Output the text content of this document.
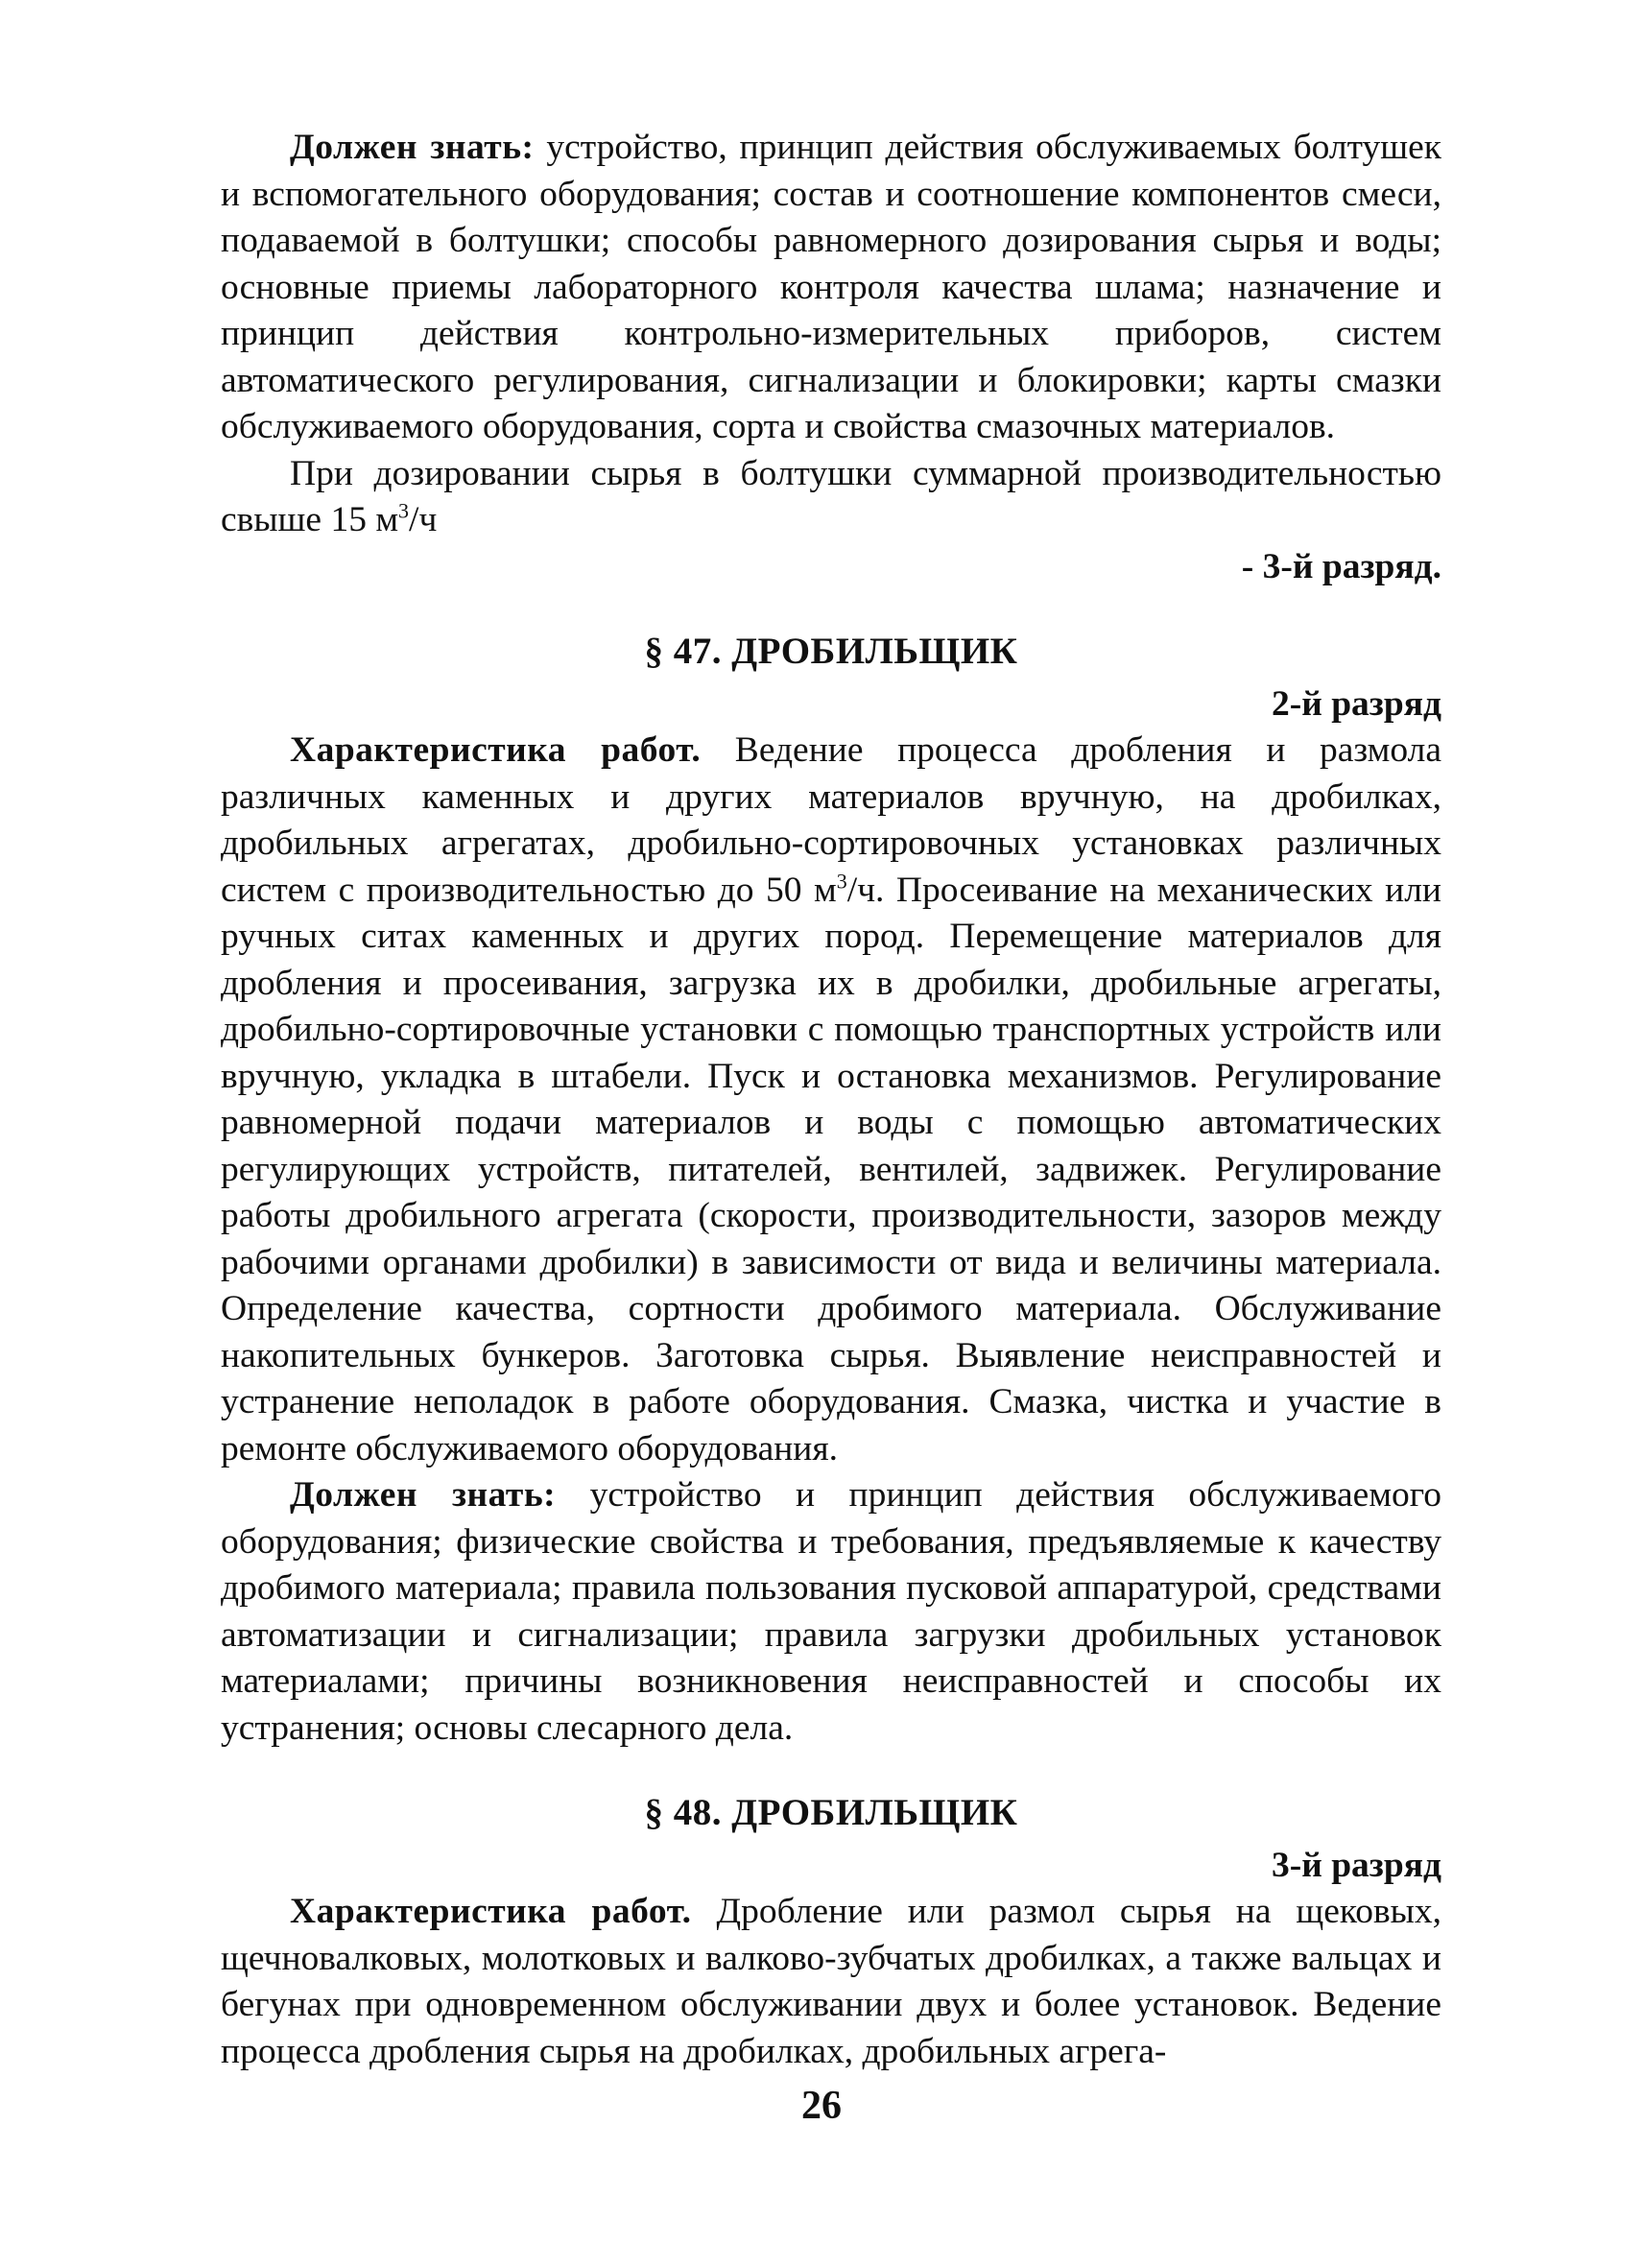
Должен знать: устройство, принцип действия обслуживаемых болтушек и вспомогательного оборудования; состав и соотношение компонентов смеси, подаваемой в болтушки; способы равномерного дозирования сырья и воды; основные приемы лабораторного контроля качества шлама; назначение и принцип действия контрольно-измерительных приборов, систем автоматического регулирования, сигнализации и блокировки; карты смазки обслуживаемого оборудования, сорта и свойства смазочных материалов.

При дозировании сырья в болтушки суммарной производительностью свыше 15 $м^3/ч$

- 3-й разряд.
§ 47. ДРОБИЛЬЩИК
2-й разряд

Характеристика работ. Ведение процесса дробления и размола различных каменных и других материалов вручную, на дробилках, дробильных агрегатах, дробильно-сортировочных установках различных систем с производительностью до 50 $м^3/ч$. Просеивание на механических или ручных ситах каменных и других пород. Перемещение материалов для дробления и просеивания, загрузка их в дробилки, дробильные агрегаты, дробильно-сортировочные установки с помощью транспортных устройств или вручную, укладка в штабели. Пуск и остановка механизмов. Регулирование равномерной подачи материалов и воды с помощью автоматических регулирующих устройств, питателей, вентилей, задвижек. Регулирование работы дробильного агрегата (скорости, производительности, зазоров между рабочими органами дробилки) в зависимости от вида и величины материала. Определение качества, сортности дробимого материала. Обслуживание накопительных бункеров. Заготовка сырья. Выявление неисправностей и устранение неполадок в работе оборудования. Смазка, чистка и участие в ремонте обслуживаемого оборудования.

Должен знать: устройство и принцип действия обслуживаемого оборудования; физические свойства и требования, предъявляемые к качеству дробимого материала; правила пользования пусковой аппаратурой, средствами автоматизации и сигнализации; правила загрузки дробильных установок материалами; причины возникновения неисправностей и способы их устранения; основы слесарного дела.

§ 48. ДРОБИЛЬЩИК
3-й разряд

Характеристика работ. Дробление или размол сырья на щековых, щечновалковых, молотковых и валково-зубчатых дробилках, а также вальцах и бегунах при одновременном обслуживании двух и более установок. Ведение процесса дробления сырья на дробилках, дробильных агрега-

26
